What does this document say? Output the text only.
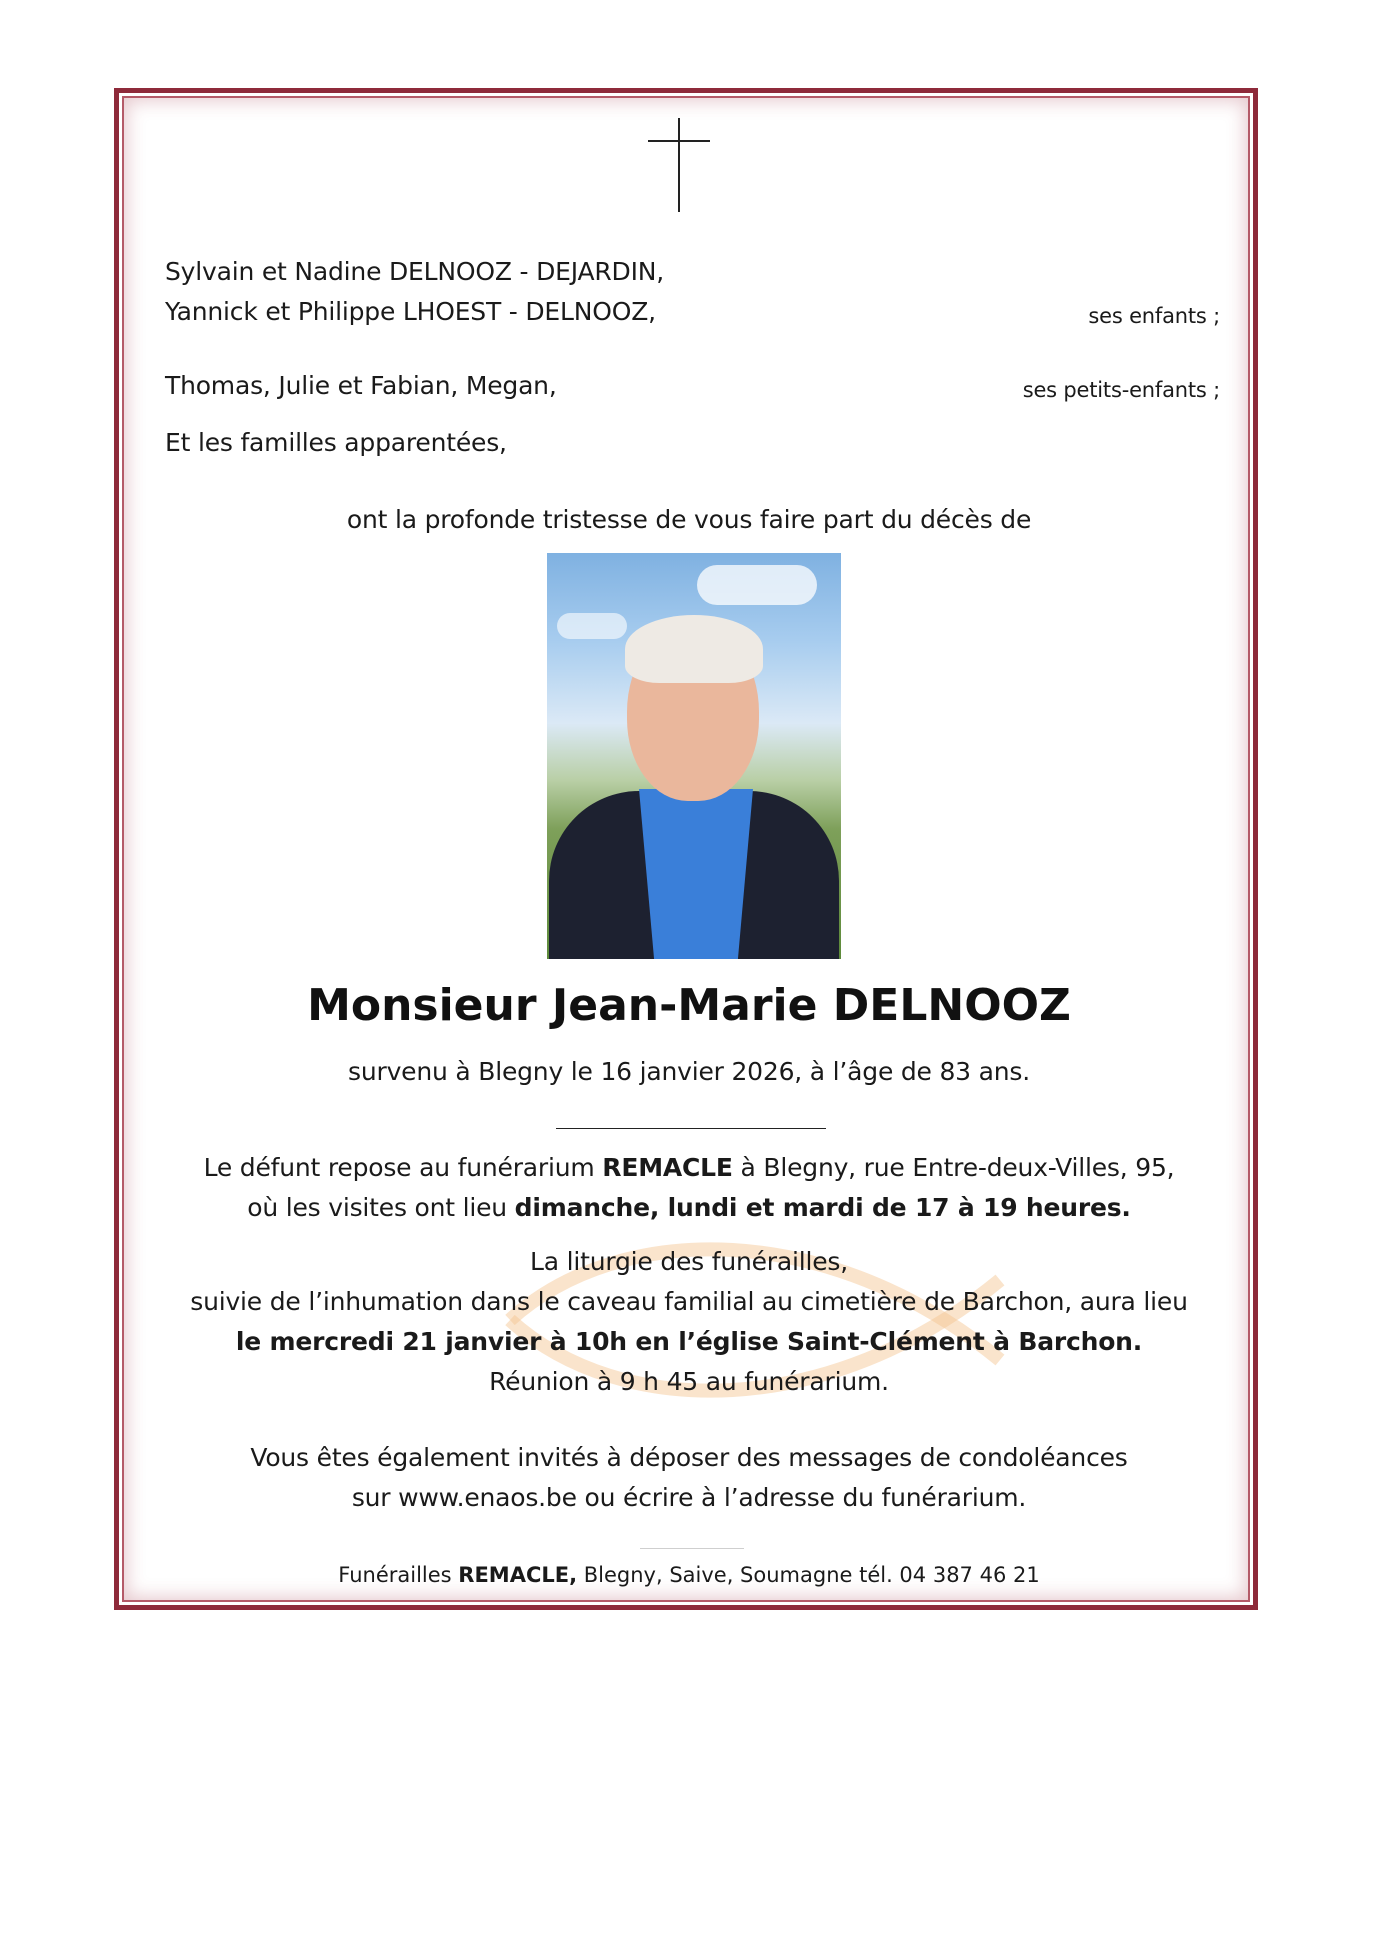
Sylvain et Nadine DELNOOZ - DEJARDIN,
Yannick et Philippe LHOEST - DELNOOZ,	ses enfants ;
Thomas, Julie et Fabian, Megan,	ses petits-enfants ;
Et les familles apparentées,
ont la profonde tristesse de vous faire part du décès de
Monsieur Jean-Marie DELNOOZ
survenu à Blegny le 16 janvier 2026, à l’âge de 83 ans.
Le défunt repose au funérarium REMACLE à Blegny, rue Entre-deux-Villes, 95,
où les visites ont lieu dimanche, lundi et mardi de 17 à 19 heures.
La liturgie des funérailles,
suivie de l’inhumation dans le caveau familial au cimetière de Barchon, aura lieu
le mercredi 21 janvier à 10h en l’église Saint-Clément à Barchon.
Réunion à 9 h 45 au funérarium.
Vous êtes également invités à déposer des messages de condoléances
sur www.enaos.be ou écrire à l’adresse du funérarium.
Funérailles REMACLE, Blegny, Saive, Soumagne tél. 04 387 46 21
